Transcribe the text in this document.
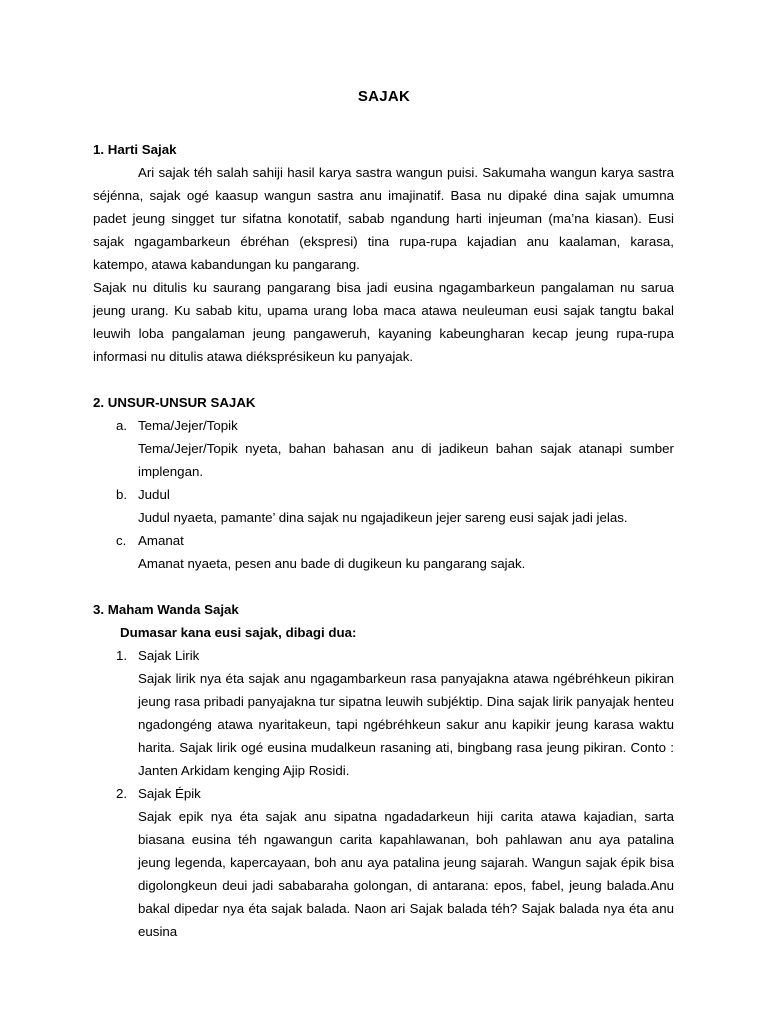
SAJAK

1. Harti Sajak

Ari sajak téh salah sahiji hasil karya sastra wangun puisi. Sakumaha wangun karya sastra séjénna, sajak ogé kaasup wangun sastra anu imajinatif. Basa nu dipaké dina sajak umumna padet jeung singget tur sifatna konotatif, sabab ngandung harti injeuman (ma’na kiasan). Eusi sajak ngagambarkeun ébréhan (ekspresi) tina rupa-rupa kajadian anu kaalaman, karasa, katempo, atawa kabandungan ku pangarang.

Sajak nu ditulis ku saurang pangarang bisa jadi eusina ngagambarkeun pangalaman nu sarua jeung urang. Ku sabab kitu, upama urang loba maca atawa neuleuman eusi sajak tangtu bakal leuwih loba pangalaman jeung pangaweruh, kayaning kabeungharan kecap jeung rupa-rupa informasi nu ditulis atawa diéksprésikeun ku panyajak.

2. UNSUR-UNSUR SAJAK

a. Tema/Jejer/Topik

Tema/Jejer/Topik nyeta, bahan bahasan anu di jadikeun bahan sajak atanapi sumber implengan.

b. Judul

Judul nyaeta, pamante’ dina sajak nu ngajadikeun jejer sareng eusi sajak jadi jelas.

c. Amanat

Amanat nyaeta, pesen anu bade di dugikeun ku pangarang sajak.

3. Maham Wanda Sajak

Dumasar kana eusi sajak, dibagi dua:

1. Sajak Lirik

Sajak lirik nya éta sajak anu ngagambarkeun rasa panyajakna atawa ngébréhkeun pikiran jeung rasa pribadi panyajakna tur sipatna leuwih subjéktip. Dina sajak lirik panyajak henteu ngadongéng atawa nyaritakeun, tapi ngébréhkeun sakur anu kapikir jeung karasa waktu harita. Sajak lirik ogé eusina mudalkeun rasaning ati, bingbang rasa jeung pikiran. Conto : Janten Arkidam kenging Ajip Rosidi.

2. Sajak Épik

Sajak epik nya éta sajak anu sipatna ngadadarkeun hiji carita atawa kajadian, sarta biasana eusina téh ngawangun carita kapahlawanan, boh pahlawan anu aya patalina jeung legenda, kapercayaan, boh anu aya patalina jeung sajarah. Wangun sajak épik bisa digolongkeun deui jadi sababaraha golongan, di antarana: epos, fabel, jeung balada.Anu bakal dipedar nya éta sajak balada. Naon ari Sajak balada téh? Sajak balada nya éta anu eusina
